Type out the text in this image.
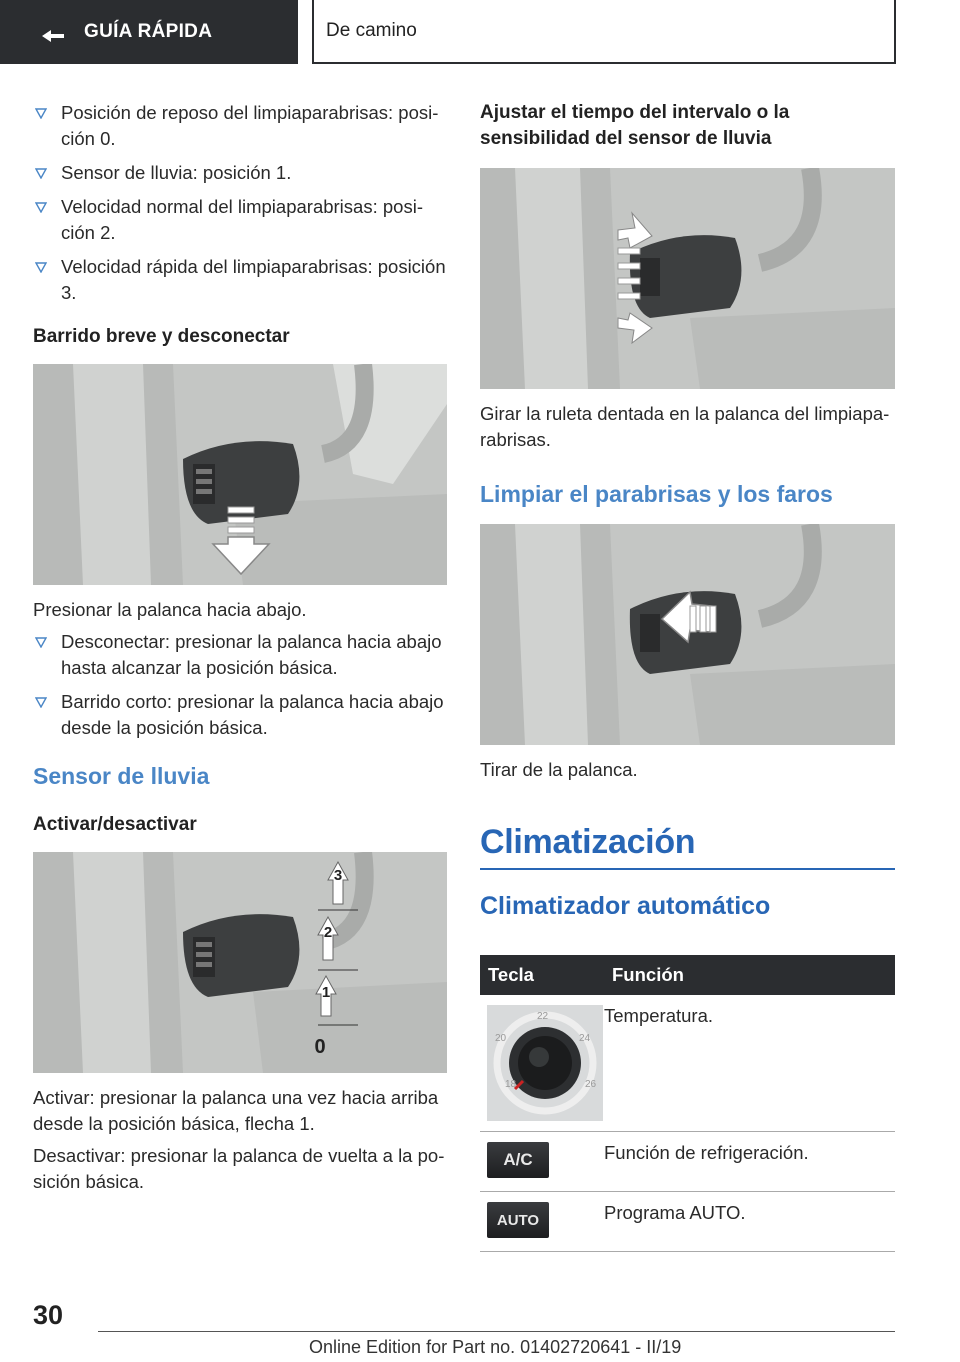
GUÍA RÁPIDA	De camino
Posición de reposo del limpiaparabrisas: posición 0.
Sensor de lluvia: posición 1.
Velocidad normal del limpiaparabrisas: posición 2.
Velocidad rápida del limpiaparabrisas: posición 3.
Barrido breve y desconectar
Presionar la palanca hacia abajo.
Desconectar: presionar la palanca hacia abajo hasta alcanzar la posición básica.
Barrido corto: presionar la palanca hacia abajo desde la posición básica.
Sensor de lluvia
Activar/desactivar
3
2
1
0
Activar: presionar la palanca una vez hacia arriba desde la posición básica, flecha 1.
Desactivar: presionar la palanca de vuelta a la posición básica.
Ajustar el tiempo del intervalo o la sensibilidad del sensor de lluvia
Girar la ruleta dentada en la palanca del limpiaparabrisas.
Limpiar el parabrisas y los faros
Tirar de la palanca.
Climatización
Climatizador automático
Tecla	Función

18
20
22
24
26	Temperatura.

A/C	Función de refrigeración.

AUTO	Programa AUTO.
30
Online Edition for Part no. 01402720641 - II/19
